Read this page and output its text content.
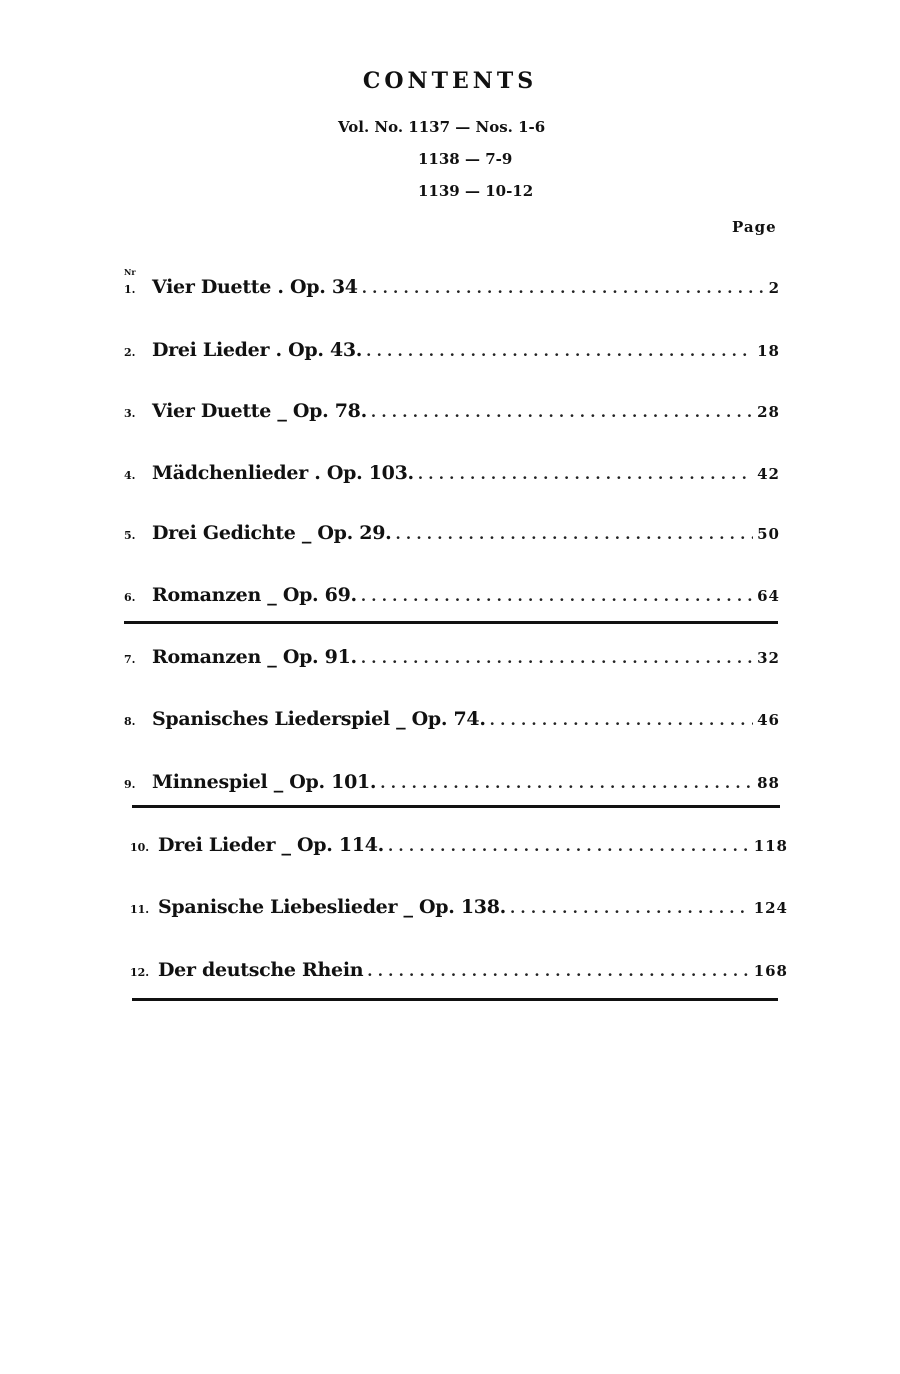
CONTENTS
Vol. No. 1137 — Nos. 1-6
1138 — 7-9
1139 — 10-12
Page
Nr
1. Vier Duette . Op. 34 . . .	2
2. Drei Lieder . Op. 43. . . .	18
3. Vier Duette _ Op. 78. . . .	28
4. Mädchenlieder . Op. 103. . . .	42
5. Drei Gedichte _ Op. 29. . . .	50
6. Romanzen _ Op. 69. . . .	64
7. Romanzen _ Op. 91. . . .	32
8. Spanisches Liederspiel _ Op. 74. . . .	46
9. Minnespiel _ Op. 101. . . .	88
10. Drei Lieder _ Op. 114. . . .	118
11. Spanische Liebeslieder _ Op. 138. . . .	124
12. Der deutsche Rhein . . .	168
